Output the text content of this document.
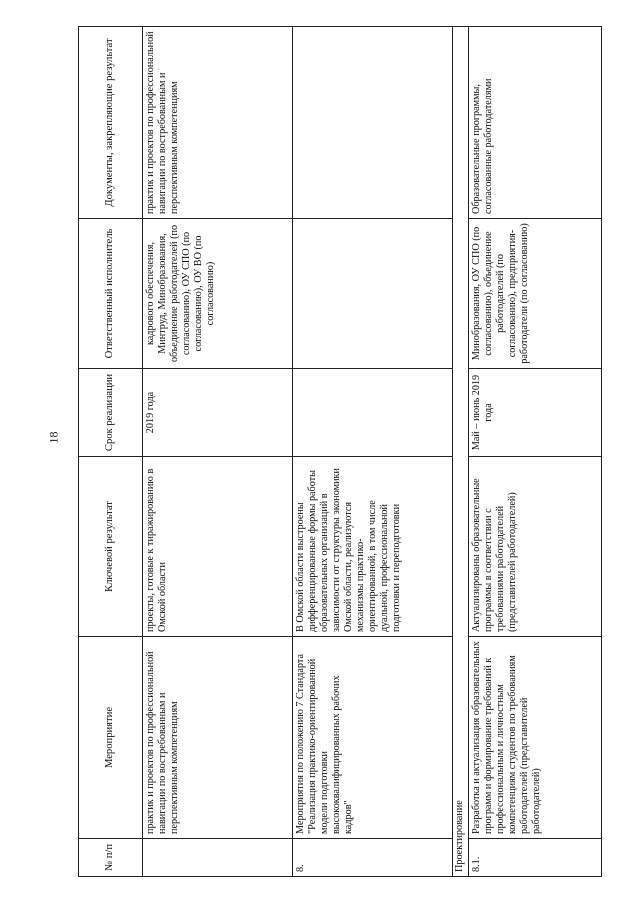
18
№ п/п	Мероприятие	Ключевой результат	Срок реализации	Ответственный исполнитель	Документы, закрепляющие результат
	практик и проектов по профессиональной навигации по востребованным и перспективным компетенциям	проекты, готовые к тиражированию в Омской области	2019 года	кадрового обеспечения, Минтруд, Минобразования, объединение работодателей (по согласованию), ОУ СПО (по согласованию), ОУ ВО (по согласованию)	практик и проектов по профессиональной навигации по востребованным и перспективным компетенциям
8.	Мероприятия по положению 7 Стандарта "Реализация практико-ориентированной модели подготовки высококвалифицированных рабочих кадров"	В Омской области выстроены дифференцированные формы работы образовательных организаций в зависимости от структуры экономики Омской области, реализуются механизмы практико-ориентированной, в том числе дуальной, профессиональной подготовки и переподготовки			
Проектирование					
8.1.	Разработка и актуализация образовательных программ и формирование требований к профессиональным и личностным компетенциям студентов по требованиям работодателей (представителей работодателей)	Актуализированы образовательные программы в соответствии с требованиями работодателей (представителей работодателей)	Май – июнь 2019 года	Минобразования, ОУ СПО (по согласованию), объединение работодателей (по согласованию), предприятия-работодатели (по согласованию)	Образовательные программы, согласованные работодателями
